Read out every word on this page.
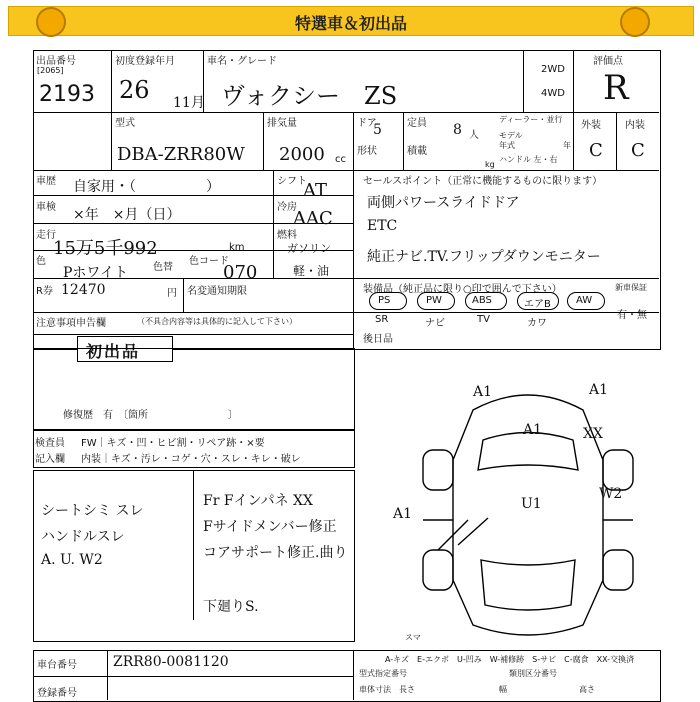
特選車＆初出品
出品番号
[2065]
2193
初度登録年月
26 11月
車名・グレード
ヴォクシー　ZS
2WD
4WD
評価点
R
型式
DBA-ZRR80W
排気量
2000 cc
ドア
5	定員 8 人
形状	積載
kg
ディーラー・並行
モデル
年式	年
ハンドル 左・右
外装
C
内装
C
車歴 自家用・（　　　　　）	シフト
AT
車検 ×年　×月（日）	冷房
AAC
走行
15万5千992	km
燃料
ガソリン
軽・油
色
Pホワイト	色替
色コード
070
R券 12470	円 名変通知期限
注意事項申告欄	（不具合内容等は具体的に記入して下さい）
初出品
修復歴　有　〔箇所　　　　　　　　〕
セールスポイント（正常に機能するものに限ります）
両側パワースライドドア
ETC
純正ナビ.TV.フリップダウンモニター
装備品（純正品に限り○印で囲んで下さい）
PS	PW	ABS	エアB	AW
SR	ナビ	TV	カワ
新車保証
有・無
後日品
検査員
記入欄
FW｜キズ・凹・ヒビ割・リペア跡・×要
内装｜キズ・汚レ・コゲ・穴・スレ・キレ・破レ
シートシミ スレ
ハンドルスレ
A. U. W2
Fr Fインパネ XX
Fサイドメンバー修正
コアサポート修正.曲り
下廻りS.
A1	A1
A1	XX
U1
W2
A1
スマ
A-キズ　E-エクボ　U-凹み　W-補修跡　S-サビ　C-腐食　XX-交換済
車台番号	ZRR80-0081120
登録番号
型式指定番号	類別区分番号
車体寸法 長さ	幅	高さ
